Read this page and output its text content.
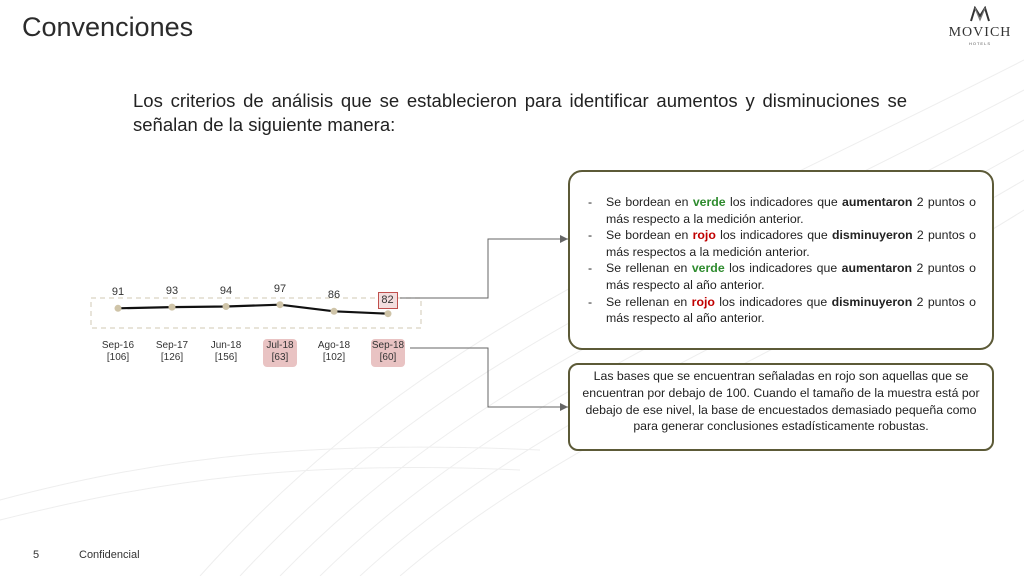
Convenciones	MOVICH
HOTELS
Los criterios de análisis que se establecieron para identificar aumentos y disminuciones se señalan de la siguiente manera:
91
Sep-16
[106]
93
Sep-17
[126]
94
Jun-18
[156]
97
Jul-18
[63]
86
Ago-18
[102]
82
Sep-18
[60]
- Se bordean en verde los indicadores que aumentaron 2 puntos o más respecto a la medición anterior.
- Se bordean en rojo los indicadores que disminuyeron 2 puntos o más respectos a la medición anterior.
- Se rellenan en verde los indicadores que aumentaron 2 puntos o más respecto al año anterior.
- Se rellenan en rojo los indicadores que disminuyeron 2 puntos o más respecto al año anterior.
Las bases que se encuentran señaladas en rojo son aquellas que se encuentran por debajo de 100. Cuando el tamaño de la muestra está por debajo de ese nivel, la base de encuestados demasiado pequeña como para generar conclusiones estadísticamente robustas.
5	Confidencial
